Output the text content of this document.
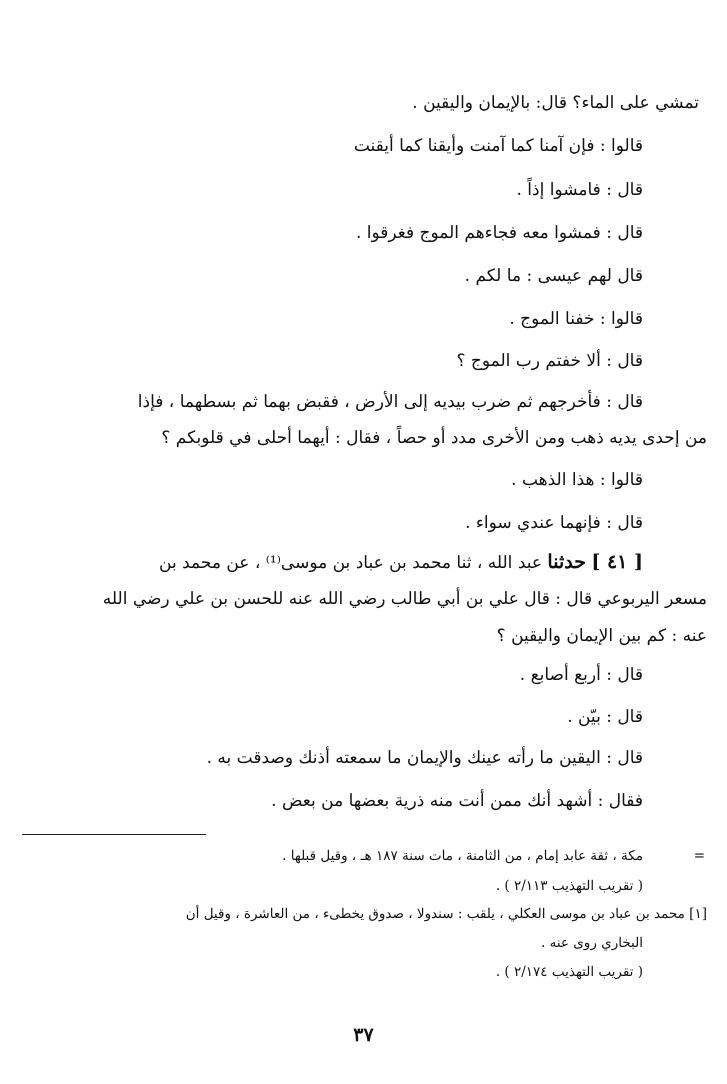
تمشي على الماء؟ قال: بالإيمان واليقين .
قالوا : فإن آمنا كما آمنت وأيقنا كما أيقنت
قال : فامشوا إذاً .
قال : فمشوا معه فجاءهم الموج فغرقوا .
قال لهم عيسى : ما لكم .
قالوا : خفنا الموج .
قال : ألا خفتم رب الموج ؟
قال : فأخرجهم ثم ضرب بيديه إلى الأرض ، فقبض بهما ثم بسطهما ، فإذا
من إحدى يديه ذهب ومن الأخرى مدد أو حصاً ، فقال : أيهما أحلى في قلوبكم ؟
قالوا : هذا الذهب .
قال : فإنهما عندي سواء .
[ ٤١ ] حدثنا عبد الله ، ثنا محمد بن عباد بن موسى⁽¹⁾ ، عن محمد بن
مسعر اليربوعي قال : قال علي بن أبي طالب رضي الله عنه للحسن بن علي رضي الله
عنه : كم بين الإيمان واليقين ؟
قال : أربع أصابع .
قال : بيّن .
قال : اليقين ما رأته عينك والإيمان ما سمعته أذنك وصدقت به .
فقال : أشهد أنك ممن أنت منه ذرية بعضها من بعض .
=
مكة ، ثقة عابد إمام ، من الثامنة ، مات سنة ١٨٧ هـ ، وقيل قبلها .
( تقريب التهذيب ٢/١١٣ ) .
[١] محمد بن عباد بن موسى العكلي ، يلقب : سندولا ، صدوق يخطىء ، من العاشرة ، وقيل أن
البخاري روى عنه .
( تقريب التهذيب ٢/١٧٤ ) .
٣٧
